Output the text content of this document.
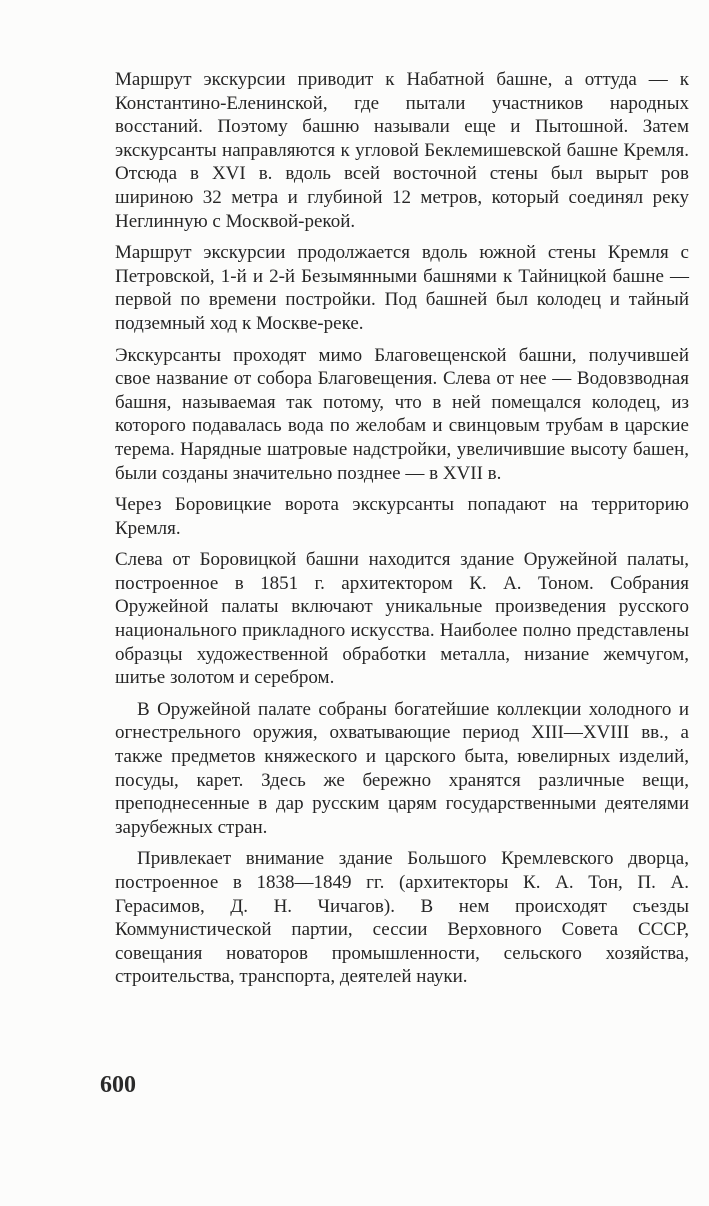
Маршрут экскурсии приводит к Набатной башне, а оттуда — к Константино-Еленинской, где пытали участников народных восстаний. Поэтому башню называли еще и Пытошной. Затем экскурсанты направляются к угловой Беклемишевской башне Кремля. Отсюда в XVI в. вдоль всей восточной стены был вырыт ров шириною 32 метра и глубиной 12 метров, который соединял реку Неглинную с Москвой-рекой.

Маршрут экскурсии продолжается вдоль южной стены Кремля с Петровской, 1-й и 2-й Безымянными башнями к Тайницкой башне — первой по времени постройки. Под башней был колодец и тайный подземный ход к Москве-реке.

Экскурсанты проходят мимо Благовещенской башни, получившей свое название от собора Благовещения. Слева от нее — Водовзводная башня, называемая так потому, что в ней помещался колодец, из которого подавалась вода по желобам и свинцовым трубам в царские терема. Нарядные шатровые надстройки, увеличившие высоту башен, были созданы значительно позднее — в XVII в.

Через Боровицкие ворота экскурсанты попадают на территорию Кремля.

Слева от Боровицкой башни находится здание Оружейной палаты, построенное в 1851 г. архитектором К. А. Тоном. Собрания Оружейной палаты включают уникальные произведения русского национального прикладного искусства. Наиболее полно представлены образцы художественной обработки металла, низание жемчугом, шитье золотом и серебром.

В Оружейной палате собраны богатейшие коллекции холодного и огнестрельного оружия, охватывающие период XIII—XVIII вв., а также предметов княжеского и царского быта, ювелирных изделий, посуды, карет. Здесь же бережно хранятся различные вещи, преподнесенные в дар русским царям государственными деятелями зарубежных стран.

Привлекает внимание здание Большого Кремлевского дворца, построенное в 1838—1849 гг. (архитекторы К. А. Тон, П. А. Герасимов, Д. Н. Чичагов). В нем происходят съезды Коммунистической партии, сессии Верховного Совета СССР, совещания новаторов промышленности, сельского хозяйства, строительства, транспорта, деятелей науки.

600
